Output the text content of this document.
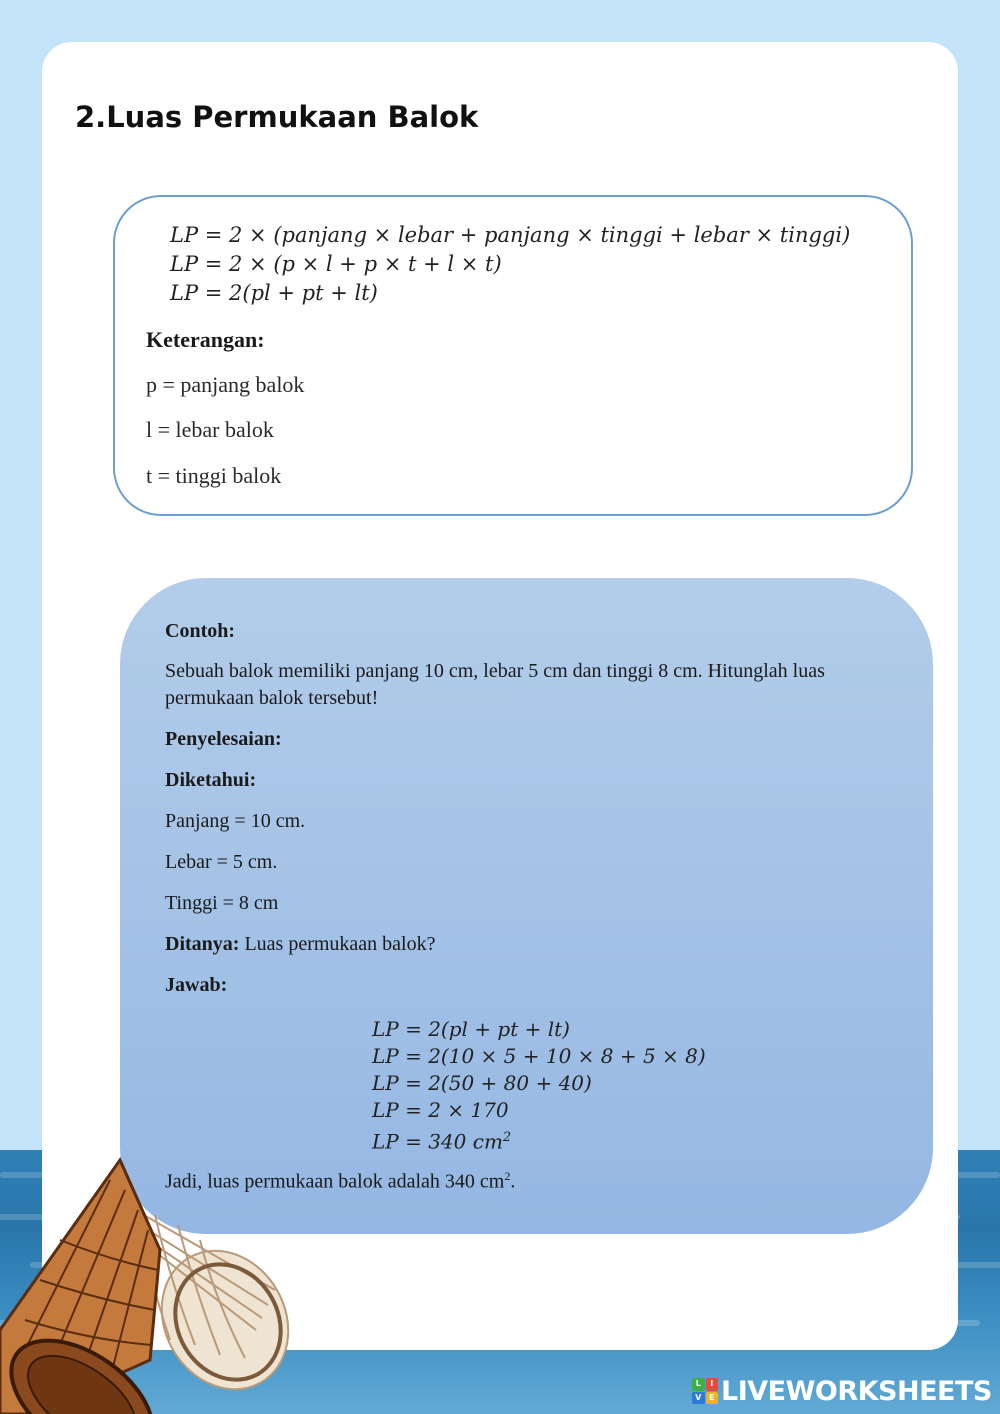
2.Luas Permukaan Balok
LP = 2 × (panjang × lebar + panjang × tinggi + lebar × tinggi)
LP = 2 × (p × l + p × t + l × t)
LP = 2(pl + pt + lt)
Keterangan:
p = panjang balok
l = lebar balok
t = tinggi balok
Contoh:
Sebuah balok memiliki panjang 10 cm, lebar 5 cm dan tinggi 8 cm. Hitunglah luas
permukaan balok tersebut!
Penyelesaian:
Diketahui:
Panjang = 10 cm.
Lebar = 5 cm.
Tinggi = 8 cm
Ditanya: Luas permukaan balok?
Jawab:
LP = 2(pl + pt + lt)
LP = 2(10 × 5 + 10 × 8 + 5 × 8)
LP = 2(50 + 80 + 40)
LP = 2 × 170
LP = 340 $cm^2$
Jadi, luas permukaan balok adalah 340 $cm^2$.
L	I
V E LIVEWORKSHEETS
